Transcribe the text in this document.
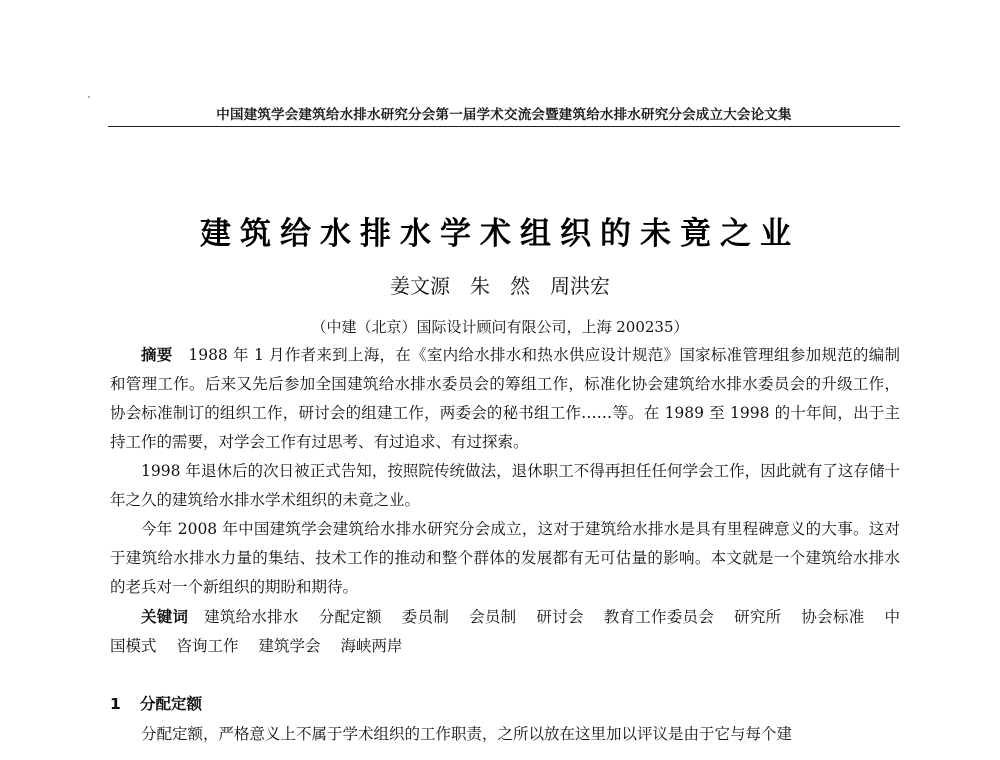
中国建筑学会建筑给水排水研究分会第一届学术交流会暨建筑给水排水研究分会成立大会论文集
建筑给水排水学术组织的未竟之业
姜文源　朱　然　周洪宏
（中建（北京）国际设计顾问有限公司，上海 200235）

摘要　 1988 年 1 月作者来到上海，在《室内给水排水和热水供应设计规范》国家标准管理组参加规范的编制和管理工作。后来又先后参加全国建筑给水排水委员会的筹组工作，标准化协会建筑给水排水委员会的升级工作，协会标准制订的组织工作，研讨会的组建工作，两委会的秘书组工作……等。在 1989 至 1998 的十年间，出于主持工作的需要，对学会工作有过思考、有过追求、有过探索。

1998 年退休后的次日被正式告知，按照院传统做法，退休职工不得再担任任何学会工作，因此就有了这存储十年之久的建筑给水排水学术组织的未竟之业。

今年 2008 年中国建筑学会建筑给水排水研究分会成立，这对于建筑给水排水是具有里程碑意义的大事。这对于建筑给水排水力量的集结、技术工作的推动和整个群体的发展都有无可估量的影响。本文就是一个建筑给水排水的老兵对一个新组织的期盼和期待。

关键词　 建筑给水排水 分配定额 委员制 会员制 研讨会 教育工作委员会 研究所 协会标准 中国模式 咨询工作 建筑学会 海峡两岸

1 分配定额

分配定额，严格意义上不属于学术组织的工作职责，之所以放在这里加以评议是由于它与每个建
